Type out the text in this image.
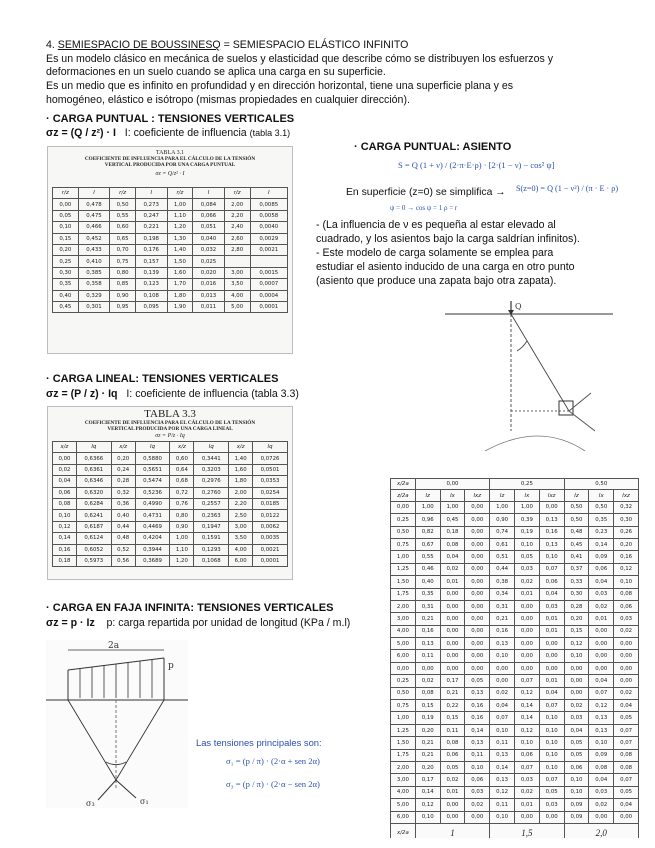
4. SEMIESPACIO DE BOUSSINESQ = SEMIESPACIO ELÁSTICO INFINITO
Es un modelo clásico en mecánica de suelos y elasticidad que describe cómo se distribuyen los esfuerzos y
deformaciones en un suelo cuando se aplica una carga en su superficie.
Es un medio que es infinito en profundidad y en dirección horizontal, tiene una superficie plana y es
homogéneo, elástico e isótropo (mismas propiedades en cualquier dirección).
· CARGA PUNTUAL : TENSIONES VERTICALES
σz = (Q / z²) · I I: coeficiente de influencia (tabla 3.1)
TABLA 3.1
COEFICIENTE DE INFLUENCIA PARA EL CÁLCULO DE LA TENSIÓN
VERTICAL PRODUCIDA POR UNA CARGA PUNTUAL
σz = Q/z² · I
r/z	I	r/z	I	r/z	I	r/z	I
0,00	0,478	0,50	0,273	1,00	0,084	2,00	0,0085
0,05	0,475	0,55	0,247	1,10	0,066	2,20	0,0058
0,10	0,466	0,60	0,221	1,20	0,051	2,40	0,0040
0,15	0,452	0,65	0,198	1,30	0,040	2,60	0,0029
0,20	0,433	0,70	0,176	1,40	0,032	2,80	0,0021
0,25	0,410	0,75	0,157	1,50	0,025		
0,30	0,385	0,80	0,139	1,60	0,020	3,00	0,0015
0,35	0,358	0,85	0,123	1,70	0,016	3,50	0,0007
0,40	0,329	0,90	0,108	1,80	0,013	4,00	0,0004
0,45	0,301	0,95	0,095	1,90	0,011	5,00	0,0001
· CARGA PUNTUAL: ASIENTO
S = Q (1 + ν) / (2·π·E·ρ) · [2·(1 − ν) − cos² ψ]
En superficie (z=0) se simplifica → S(z=0) = Q (1 − ν²) / (π · E · ρ)
ψ = 0 → cos ψ = 1 ρ = r
- (La influencia de ν es pequeña al estar elevado al
cuadrado, y los asientos bajo la carga saldrían infinitos).
- Este modelo de carga solamente se emplea para
estudiar el asiento inducido de una carga en otro punto
(asiento que produce una zapata bajo otra zapata).
Q
· CARGA LINEAL: TENSIONES VERTICALES
σz = (P / z) · Iq I: coeficiente de influencia (tabla 3.3)
TABLA 3.3
COEFICIENTE DE INFLUENCIA PARA EL CÁLCULO DE LA TENSIÓN
VERTICAL PRODUCIDA POR UNA CARGA LINEAL
σz = P/z · Iq
x/z	Iq	x/z	Iq	x/z	Iq	x/z	Iq
0,00	0,6366	0,20	0,5880	0,60	0,3441	1,40	0,0726
0,02	0,6361	0,24	0,5651	0,64	0,3203	1,60	0,0501
0,04	0,6346	0,28	0,5474	0,68	0,2976	1,80	0,0353
0,06	0,6320	0,32	0,5236	0,72	0,2760	2,00	0,0254
0,08	0,6284	0,36	0,4990	0,76	0,2557	2,20	0,0185
0,10	0,6241	0,40	0,4731	0,80	0,2363	2,50	0,0122
0,12	0,6187	0,44	0,4469	0,90	0,1947	3,00	0,0062
0,14	0,6124	0,48	0,4204	1,00	0,1591	3,50	0,0035
0,16	0,6052	0,52	0,3944	1,10	0,1293	4,00	0,0021
0,18	0,5973	0,56	0,3689	1,20	0,1068	6,00	0,0001
· CARGA EN FAJA INFINITA: TENSIONES VERTICALES
σz = p · Iz p: carga repartida por unidad de longitud (KPa / m.l)
2a
p
σ₃	σ₁
Las tensiones principales son:
σ₁ = (p / π) · (2·α + sen 2α)
σ₃ = (p / π) · (2·α − sen 2α)
x/2a	0,00			0,25			0,50		
z/2a	Iz	Ix	Ixz	Iz	Ix	Ixz	Iz	Ix	Ixz
0,00	1,00	1,00	0,00	1,00	1,00	0,00	0,50	0,50	0,32
0,25	0,96	0,45	0,00	0,90	0,39	0,13	0,50	0,35	0,30
0,50	0,82	0,18	0,00	0,74	0,19	0,16	0,48	0,23	0,26
0,75	0,67	0,08	0,00	0,61	0,10	0,13	0,45	0,14	0,20
1,00	0,55	0,04	0,00	0,51	0,05	0,10	0,41	0,09	0,16
1,25	0,46	0,02	0,00	0,44	0,03	0,07	0,37	0,06	0,12
1,50	0,40	0,01	0,00	0,38	0,02	0,06	0,33	0,04	0,10
1,75	0,35	0,00	0,00	0,34	0,01	0,04	0,30	0,03	0,08
2,00	0,31	0,00	0,00	0,31	0,00	0,03	0,28	0,02	0,06
3,00	0,21	0,00	0,00	0,21	0,00	0,01	0,20	0,01	0,03
4,00	0,16	0,00	0,00	0,16	0,00	0,01	0,15	0,00	0,02
5,00	0,13	0,00	0,00	0,13	0,00	0,00	0,12	0,00	0,00
6,00	0,11	0,00	0,00	0,10	0,00	0,00	0,10	0,00	0,00
0,00	0,00	0,00	0,00	0,00	0,00	0,00	0,00	0,00	0,00
0,25	0,02	0,17	0,05	0,00	0,07	0,01	0,00	0,04	0,00
0,50	0,08	0,21	0,13	0,02	0,12	0,04	0,00	0,07	0,02
0,75	0,15	0,22	0,16	0,04	0,14	0,07	0,02	0,12	0,04
1,00	0,19	0,15	0,16	0,07	0,14	0,10	0,03	0,13	0,05
1,25	0,20	0,11	0,14	0,10	0,12	0,10	0,04	0,13	0,07
1,50	0,21	0,08	0,13	0,11	0,10	0,10	0,05	0,10	0,07
1,75	0,21	0,06	0,11	0,13	0,06	0,10	0,05	0,09	0,08
2,00	0,20	0,05	0,10	0,14	0,07	0,10	0,06	0,08	0,08
3,00	0,17	0,02	0,06	0,13	0,03	0,07	0,10	0,04	0,07
4,00	0,14	0,01	0,03	0,12	0,02	0,05	0,10	0,03	0,05
5,00	0,12	0,00	0,02	0,11	0,01	0,03	0,09	0,02	0,04
6,00	0,10	0,00	0,00	0,10	0,00	0,00	0,09	0,00	0,00
x/2a	1			1,5			2,0		
